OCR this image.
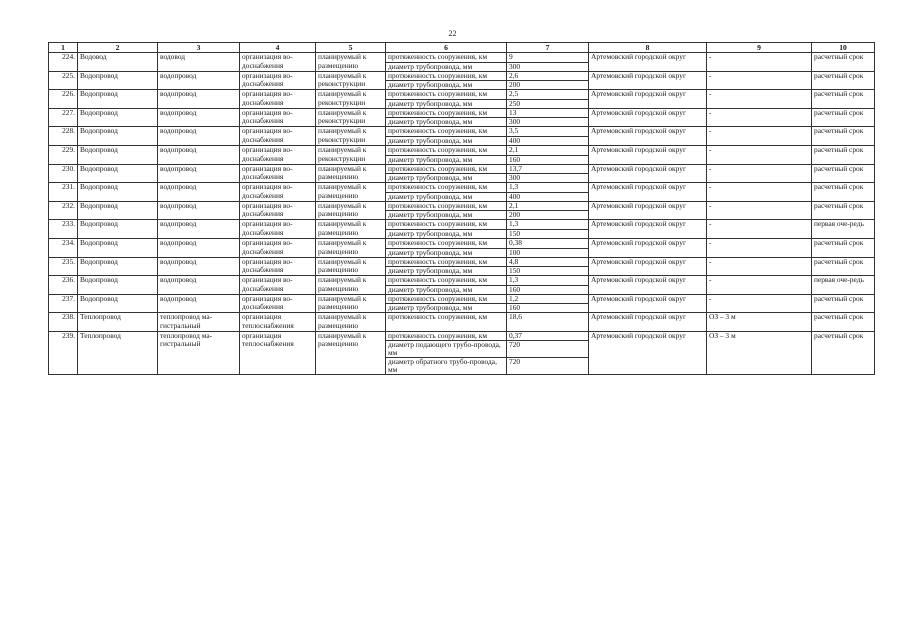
22
1	2	3	4	5	6	7	8	9	10
224.	Водовод	водовод	организация во-доснабжения	планируемый к размещению	протяженность сооружения, км	9	Артемовский городской округ	-	расчетный срок
					диаметр трубопровода, мм	300			
225.	Водопровод	водопровод	организация во-доснабжения	планируемый к реконструкции	протяженность сооружения, км	2,6	Артемовский городской округ	-	расчетный срок
					диаметр трубопровода, мм	200			
226.	Водопровод	водопровод	организация во-доснабжения	планируемый к реконструкции	протяженность сооружения, км	2,5	Артемовский городской округ	-	расчетный срок
					диаметр трубопровода, мм	250			
227.	Водопровод	водопровод	организация во-доснабжения	планируемый к реконструкции	протяженность сооружения, км	13	Артемовский городской округ	-	расчетный срок
					диаметр трубопровода, мм	300			
228.	Водопровод	водопровод	организация во-доснабжения	планируемый к реконструкции	протяженность сооружения, км	3,5	Артемовский городской округ	-	расчетный срок
					диаметр трубопровода, мм	400			
229.	Водопровод	водопровод	организация во-доснабжения	планируемый к реконструкции	протяженность сооружения, км	2,1	Артемовский городской округ	-	расчетный срок
					диаметр трубопровода, мм	160			
230.	Водопровод	водопровод	организация во-доснабжения	планируемый к размещению	протяженность сооружения, км	13,7	Артемовский городской округ	-	расчетный срок
					диаметр трубопровода, мм	300			
231.	Водопровод	водопровод	организация во-доснабжения	планируемый к размещению	протяженность сооружения, км	1,3	Артемовский городской округ	-	расчетный срок
					диаметр трубопровода, мм	400			
232.	Водопровод	водопровод	организация во-доснабжения	планируемый к размещению	протяженность сооружения, км	2,1	Артемовский городской округ	-	расчетный срок
					диаметр трубопровода, мм	200			
233.	Водопровод	водопровод	организация во-доснабжения	планируемый к размещению	протяженность сооружения, км	1,3	Артемовский городской округ	-	первая оче-редь
					диаметр трубопровода, мм	150			
234.	Водопровод	водопровод	организация во-доснабжения	планируемый к размещению	протяженность сооружения, км	0,38	Артемовский городской округ	-	расчетный срок
					диаметр трубопровода, мм	100			
235.	Водопровод	водопровод	организация во-доснабжения	планируемый к размещению	протяженность сооружения, км	4,8	Артемовский городской округ	-	расчетный срок
					диаметр трубопровода, мм	150			
236.	Водопровод	водопровод	организация во-доснабжения	планируемый к размещению	протяженность сооружения, км	1,3	Артемовский городской округ	-	первая оче-редь
					диаметр трубопровода, мм	160			
237.	Водопровод	водопровод	организация во-доснабжения	планируемый к размещению	протяженность сооружения, км	1,2	Артемовский городской округ	-	расчетный срок
					диаметр трубопровода, мм	160			
238.	Теплопровод	теплопровод ма-гистральный	организация теплоснабжения	планируемый к размещению	протяженность сооружения, км	18,6	Артемовский городской округ	ОЗ – 3 м	расчетный срок
239.	Теплопровод	теплопровод ма-гистральный	организация теплоснабжения	планируемый к размещению	протяженность сооружения, км	0,37	Артемовский городской округ	ОЗ – 3 м	расчетный срок
					диаметр подающего трубо-провода, мм	720			
					диаметр обратного трубо-провода, мм	720			
